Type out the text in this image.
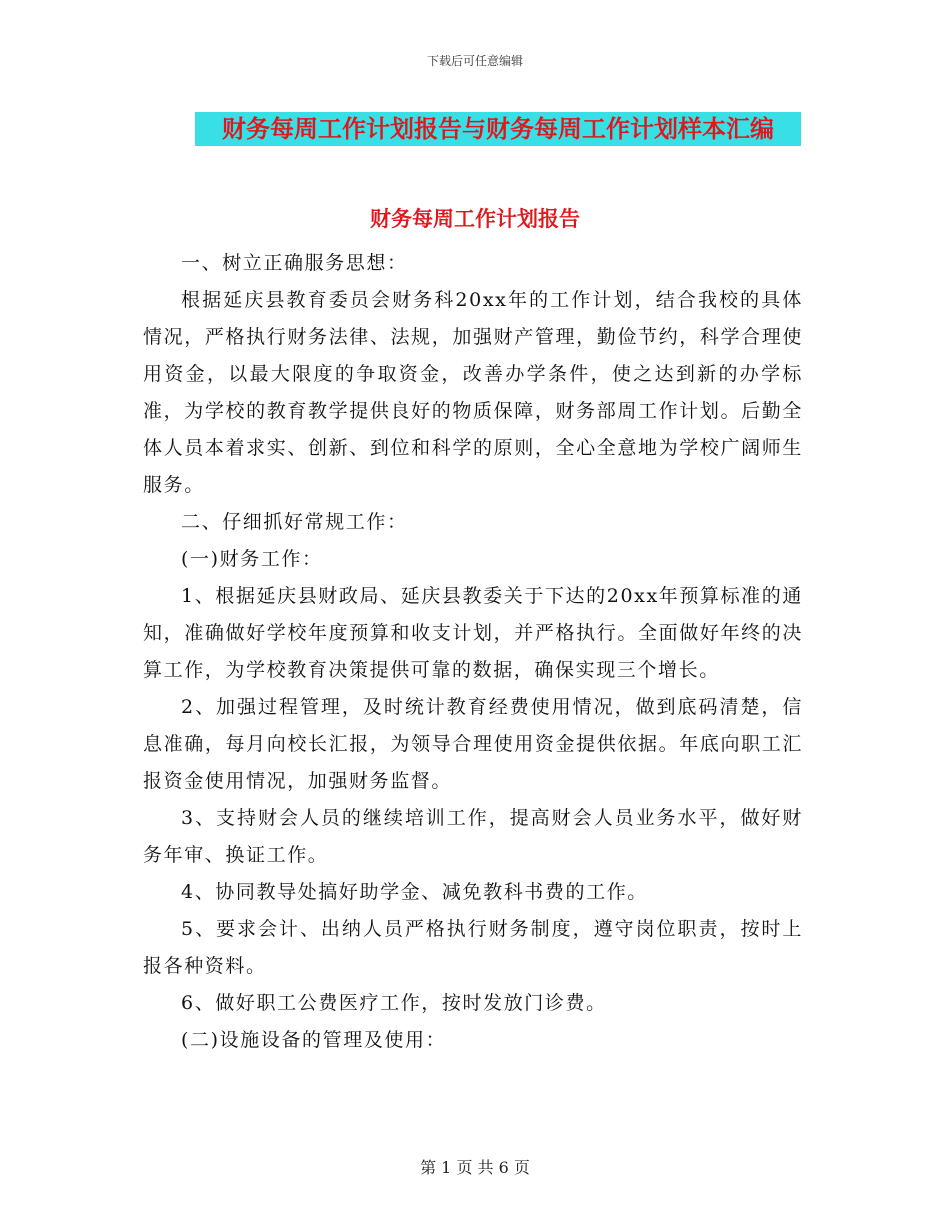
下载后可任意编辑
财务每周工作计划报告与财务每周工作计划样本汇编
财务每周工作计划报告

一、树立正确服务思想：

根据延庆县教育委员会财务科20xx年的工作计划，结合我校的具体情况，严格执行财务法律、法规，加强财产管理，勤俭节约，科学合理使用资金，以最大限度的争取资金，改善办学条件，使之达到新的办学标准，为学校的教育教学提供良好的物质保障，财务部周工作计划。后勤全体人员本着求实、创新、到位和科学的原则，全心全意地为学校广阔师生服务。

二、仔细抓好常规工作：

(一)财务工作：

1、根据延庆县财政局、延庆县教委关于下达的20xx年预算标准的通知，准确做好学校年度预算和收支计划，并严格执行。全面做好年终的决算工作，为学校教育决策提供可靠的数据，确保实现三个增长。

2、加强过程管理，及时统计教育经费使用情况，做到底码清楚，信息准确，每月向校长汇报，为领导合理使用资金提供依据。年底向职工汇报资金使用情况，加强财务监督。

3、支持财会人员的继续培训工作，提高财会人员业务水平，做好财务年审、换证工作。

4、协同教导处搞好助学金、减免教科书费的工作。

5、要求会计、出纳人员严格执行财务制度，遵守岗位职责，按时上报各种资料。

6、做好职工公费医疗工作，按时发放门诊费。

(二)设施设备的管理及使用：

第 1 页 共 6 页
